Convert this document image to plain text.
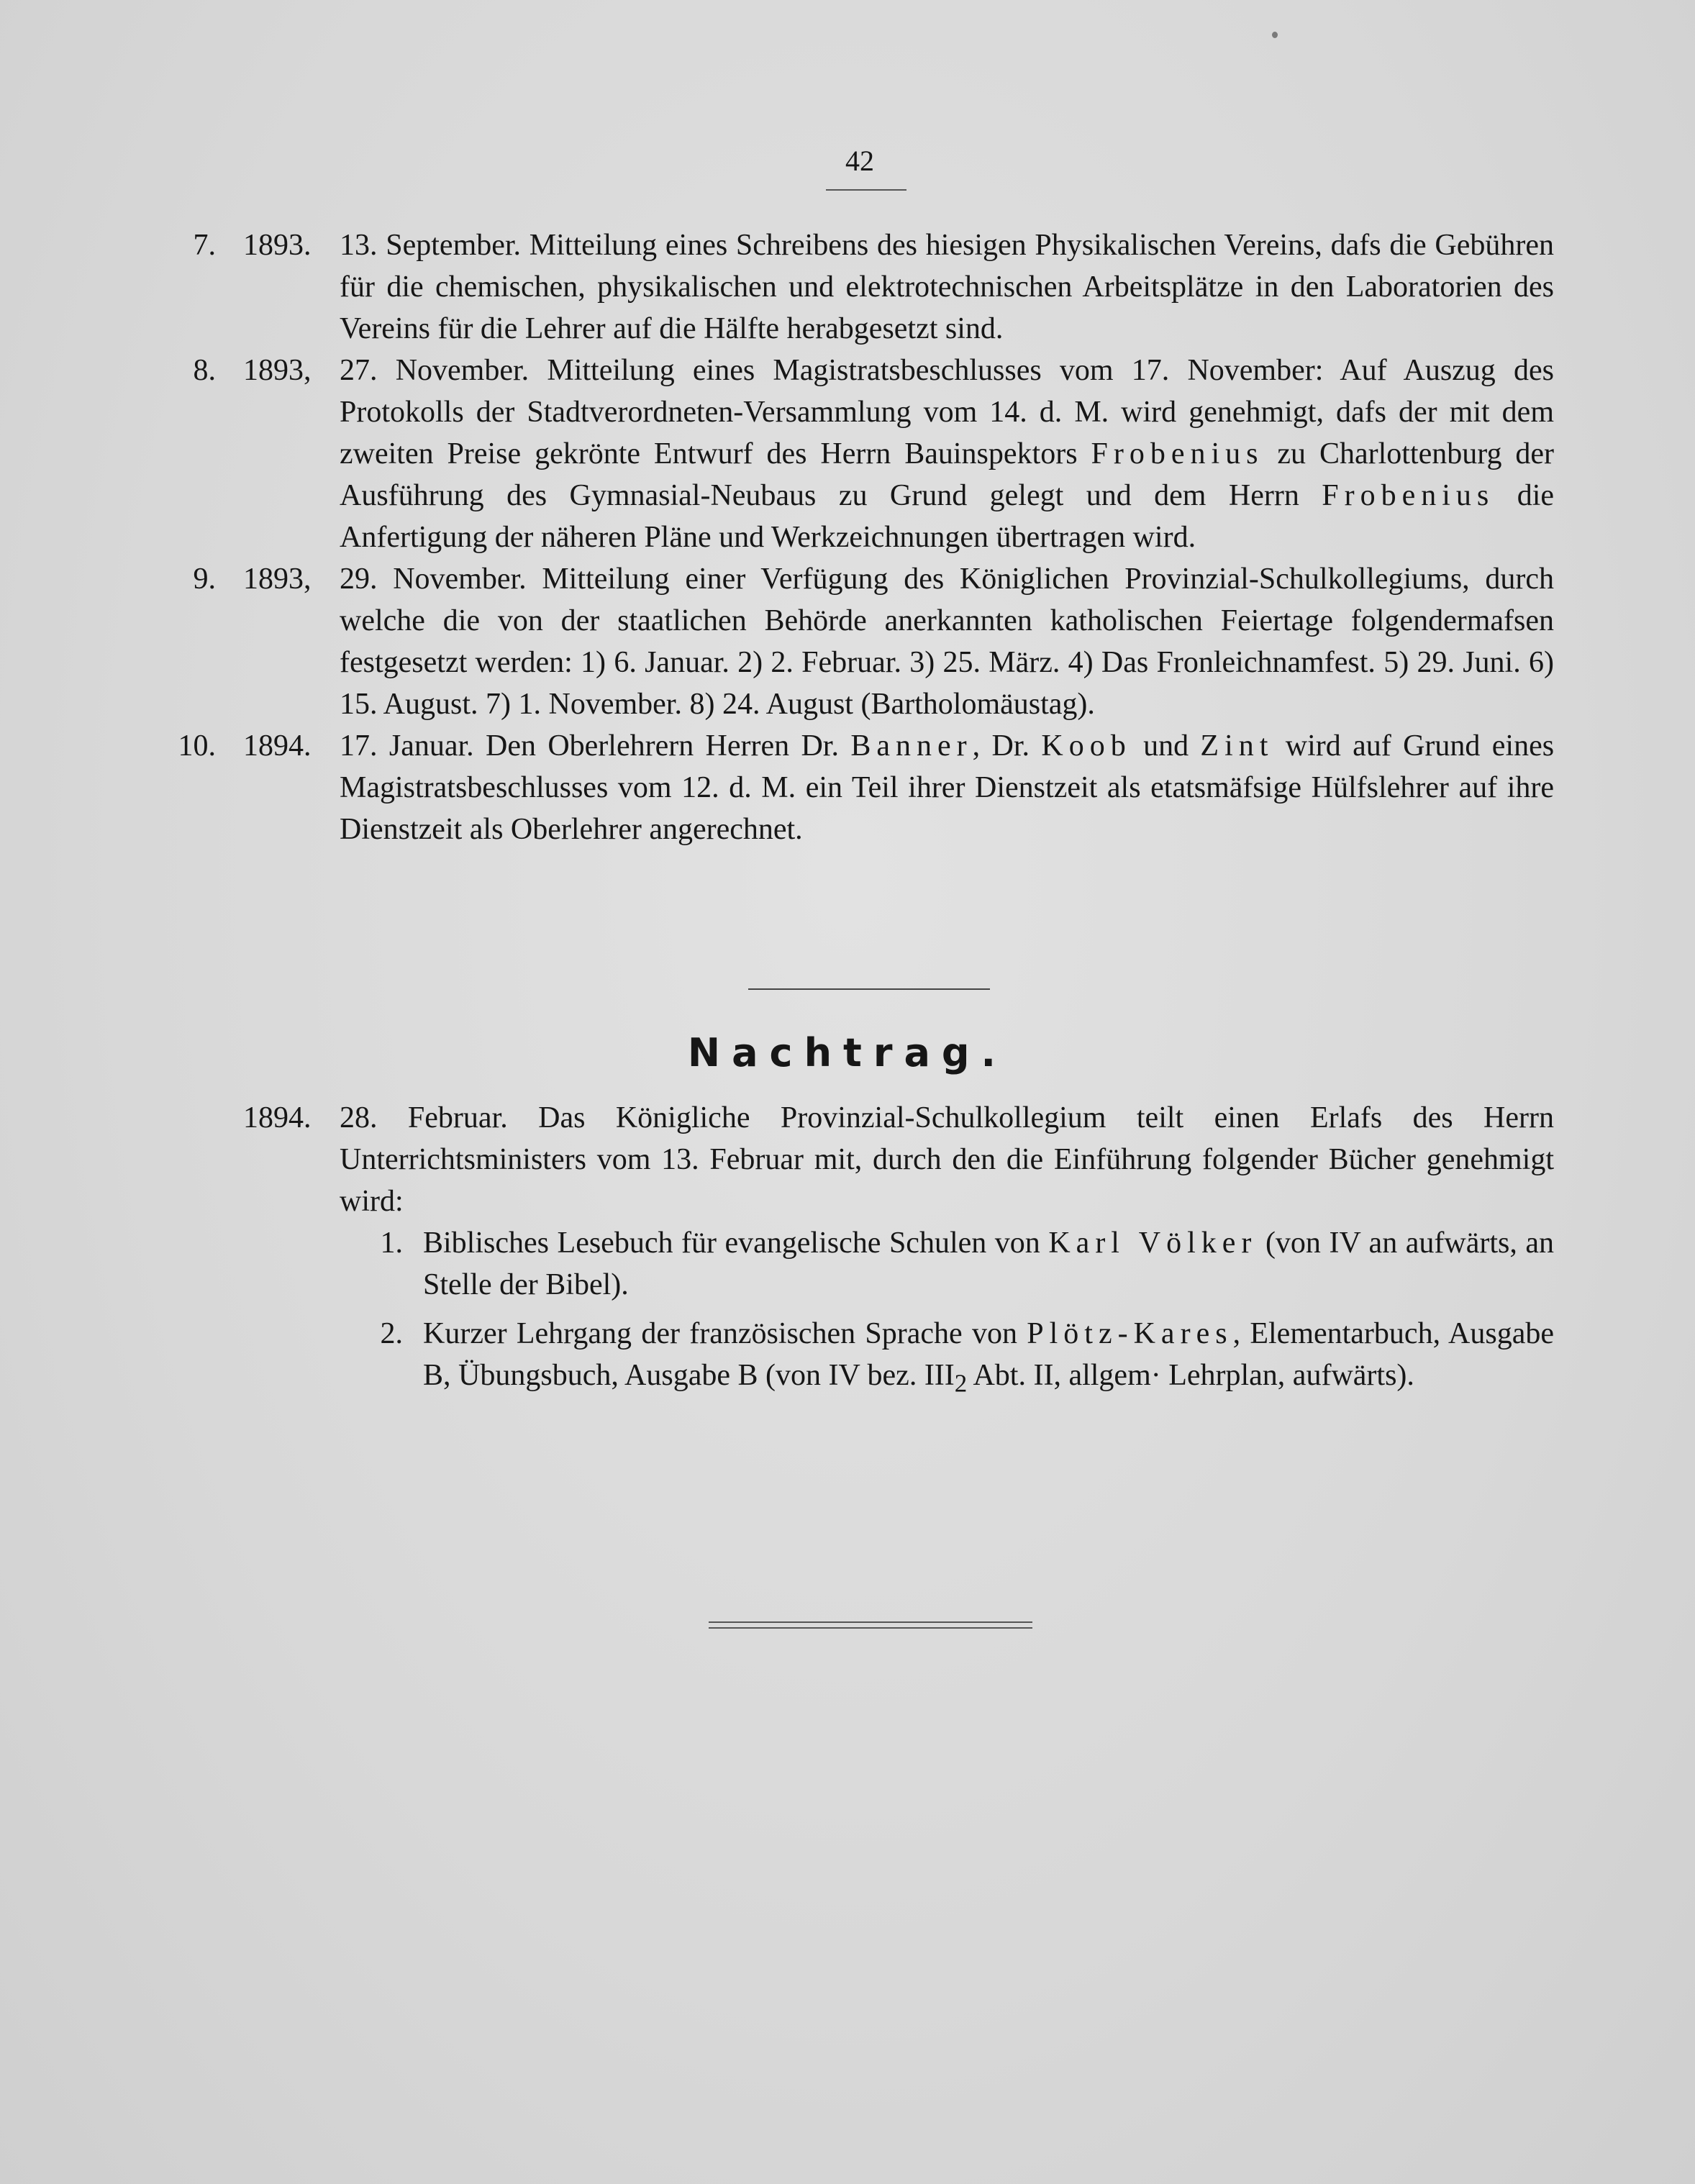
42
7. 1893. 13. September. Mitteilung eines Schreibens des hiesigen Physikalischen Vereins, dafs die Gebühren für die chemischen, physikalischen und elektrotechnischen Arbeitsplätze in den Laboratorien des Vereins für die Lehrer auf die Hälfte herabgesetzt sind.
8. 1893, 27. November. Mitteilung eines Magistratsbeschlusses vom 17. November: Auf Auszug des Protokolls der Stadtverordneten-Versammlung vom 14. d. M. wird genehmigt, dafs der mit dem zweiten Preise gekrönte Entwurf des Herrn Bauinspektors Frobenius zu Charlottenburg der Ausführung des Gymnasial-Neubaus zu Grund gelegt und dem Herrn Frobenius die Anfertigung der näheren Pläne und Werkzeichnungen übertragen wird.
9. 1893, 29. November. Mitteilung einer Verfügung des Königlichen Provinzial-Schulkollegiums, durch welche die von der staatlichen Behörde anerkannten katholischen Feiertage folgendermafsen festgesetzt werden: 1) 6. Januar. 2) 2. Februar. 3) 25. März. 4) Das Fronleichnamfest. 5) 29. Juni. 6) 15. August. 7) 1. November. 8) 24. August (Bartholomäustag).
10. 1894. 17. Januar. Den Oberlehrern Herren Dr. Banner, Dr. Koob und Zint wird auf Grund eines Magistratsbeschlusses vom 12. d. M. ein Teil ihrer Dienstzeit als etatsmäfsige Hülfslehrer auf ihre Dienstzeit als Oberlehrer angerechnet.
Nachtrag.
1894. 28. Februar. Das Königliche Provinzial-Schulkollegium teilt einen Erlafs des Herrn Unterrichtsministers vom 13. Februar mit, durch den die Einführung folgender Bücher genehmigt wird:
1. Biblisches Lesebuch für evangelische Schulen von Karl Völker (von IV an aufwärts, an Stelle der Bibel).
2. Kurzer Lehrgang der französischen Sprache von Plötz-Kares, Elementarbuch, Ausgabe B, Übungsbuch, Ausgabe B (von IV bez. $III_2$ Abt. II, allgem· Lehrplan, aufwärts).
